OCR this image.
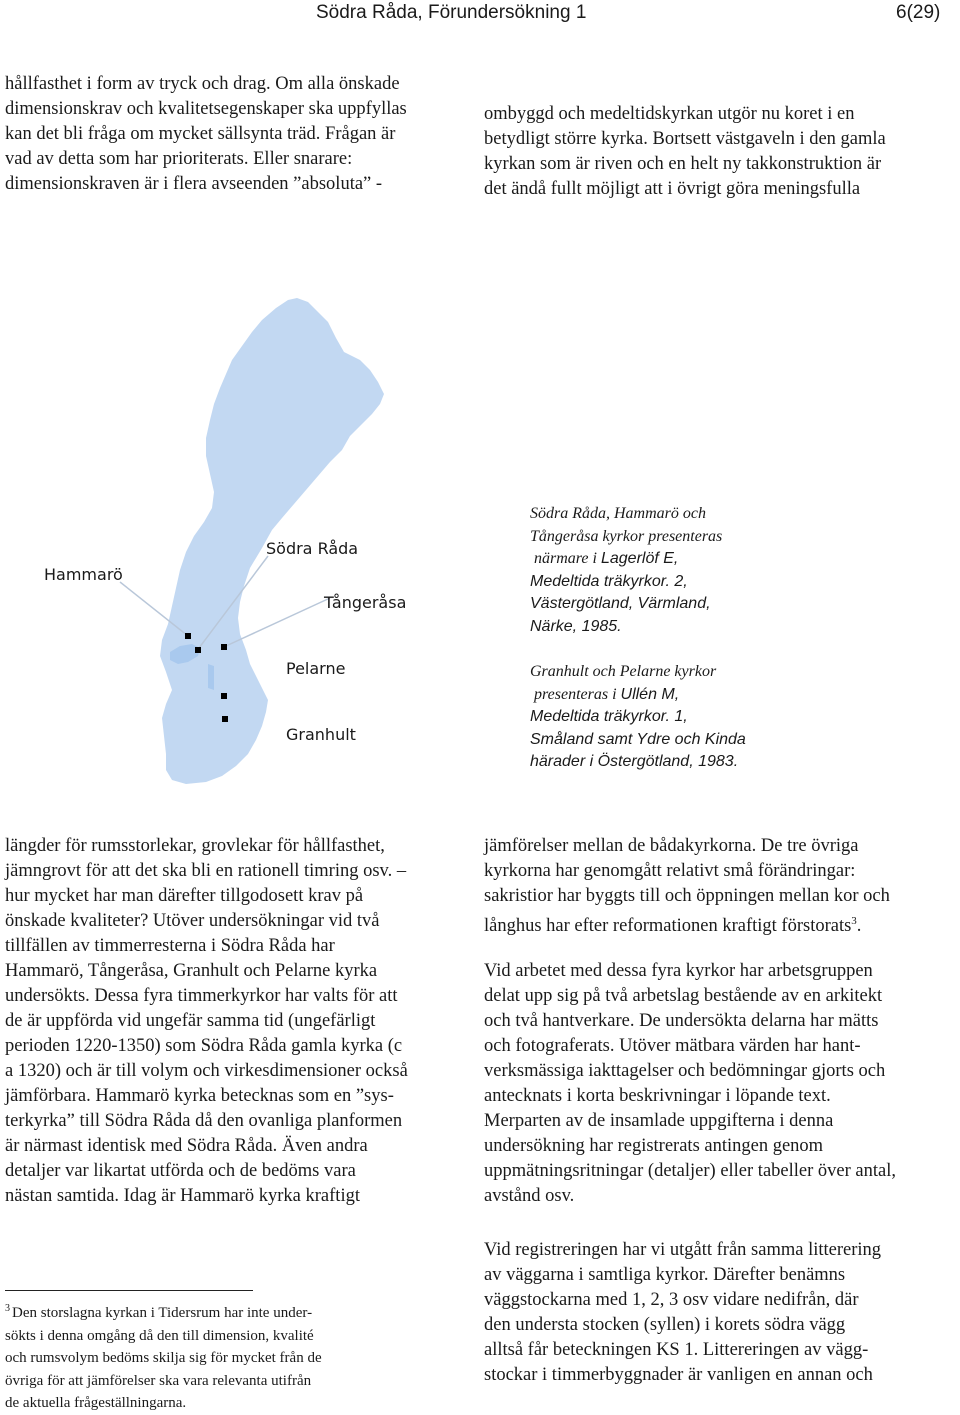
Södra Råda, Förundersökning 1	6(29)
hållfasthet i form av tryck och drag. Om alla önskade
dimensionskrav och kvalitetsegenskaper ska uppfyllas
kan det bli fråga om mycket sällsynta träd. Frågan är
vad av detta som har prioriterats. Eller snarare:
dimensionskraven är i flera avseenden ”absoluta” -
ombyggd och medeltidskyrkan utgör nu koret i en
betydligt större kyrka. Bortsett västgaveln i den gamla
kyrkan som är riven och en helt ny takkonstruktion är
det ändå fullt möjligt att i övrigt göra meningsfulla
Hammarö
Södra Råda
Tångeråsa
Pelarne
Granhult
Södra Råda, Hammarö och
Tångeråsa kyrkor presenteras
närmare i Lagerlöf E,
Medeltida träkyrkor. 2,
Västergötland, Värmland,
Närke, 1985.
Granhult och Pelarne kyrkor
presenteras i Ullén M,
Medeltida träkyrkor. 1,
Småland samt Ydre och Kinda
härader i Östergötland, 1983.
längder för rumsstorlekar, grovlekar för hållfasthet,
jämngrovt för att det ska bli en rationell timring osv. –
hur mycket har man därefter tillgodosett krav på
önskade kvaliteter? Utöver undersökningar vid två
tillfällen av timmerresterna i Södra Råda har
Hammarö, Tångeråsa, Granhult och Pelarne kyrka
undersökts. Dessa fyra timmerkyrkor har valts för att
de är uppförda vid ungefär samma tid (ungefärligt
perioden 1220-1350) som Södra Råda gamla kyrka (c
a 1320) och är till volym och virkesdimensioner också
jämförbara. Hammarö kyrka betecknas som en ”sys-
terkyrka” till Södra Råda då den ovanliga planformen
är närmast identisk med Södra Råda. Även andra
detaljer var likartat utförda och de bedöms vara
nästan samtida. Idag är Hammarö kyrka kraftigt
jämförelser mellan de bådakyrkorna. De tre övriga
kyrkorna har genomgått relativt små förändringar:
sakristior har byggts till och öppningen mellan kor och
långhus har efter reformationen kraftigt förstorats$^3$.
Vid arbetet med dessa fyra kyrkor har arbetsgruppen
delat upp sig på två arbetslag bestående av en arkitekt
och två hantverkare. De undersökta delarna har mätts
och fotograferats. Utöver mätbara värden har hant-
verksmässiga iakttagelser och bedömningar gjorts och
antecknats i korta beskrivningar i löpande text.
Merparten av de insamlade uppgifterna i denna
undersökning har registrerats antingen genom
uppmätningsritningar (detaljer) eller tabeller över antal,
avstånd osv.
Vid registreringen har vi utgått från samma litterering
av väggarna i samtliga kyrkor. Därefter benämns
väggstockarna med 1, 2, 3 osv vidare nedifrån, där
den understa stocken (syllen) i korets södra vägg
alltså får beteckningen KS 1. Littereringen av vägg-
stockar i timmerbyggnader är vanligen en annan och
$^3$ Den storslagna kyrkan i Tidersrum har inte under-
sökts i denna omgång då den till dimension, kvalité
och rumsvolym bedöms skilja sig för mycket från de
övriga för att jämförelser ska vara relevanta utifrån
de aktuella frågeställningarna.
